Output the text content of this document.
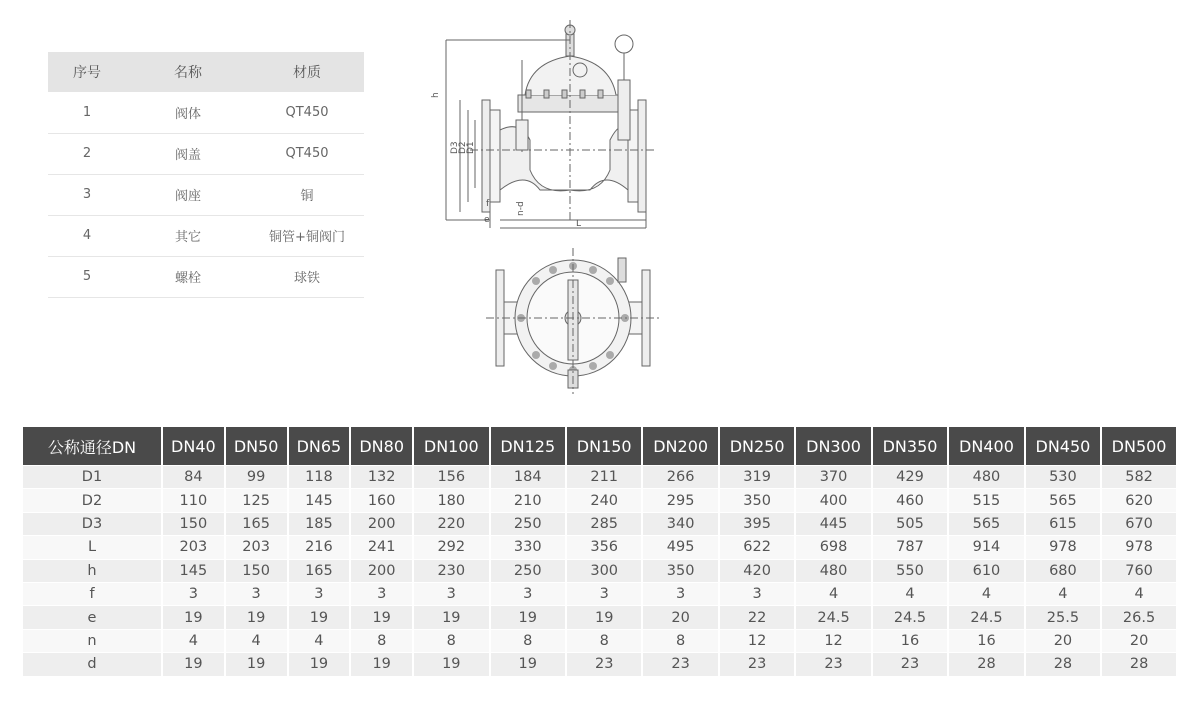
序号	名称	材质
1	阀体	QT450
2	阀盖	QT450
3	阀座	铜
4	其它	铜管+铜阀门
5	螺栓	球铁
h
D3
D2
D1
f
e
n-d
L
公称通径DN	DN40	DN50	DN65	DN80	DN100	DN125	DN150	DN200	DN250	DN300	DN350	DN400	DN450	DN500
D1	84	99	118	132	156	184	211	266	319	370	429	480	530	582
D2	110	125	145	160	180	210	240	295	350	400	460	515	565	620
D3	150	165	185	200	220	250	285	340	395	445	505	565	615	670
L	203	203	216	241	292	330	356	495	622	698	787	914	978	978
h	145	150	165	200	230	250	300	350	420	480	550	610	680	760
f	3	3	3	3	3	3	3	3	3	4	4	4	4	4
e	19	19	19	19	19	19	19	20	22	24.5	24.5	24.5	25.5	26.5
n	4	4	4	8	8	8	8	8	12	12	16	16	20	20
d	19	19	19	19	19	19	23	23	23	23	23	28	28	28
